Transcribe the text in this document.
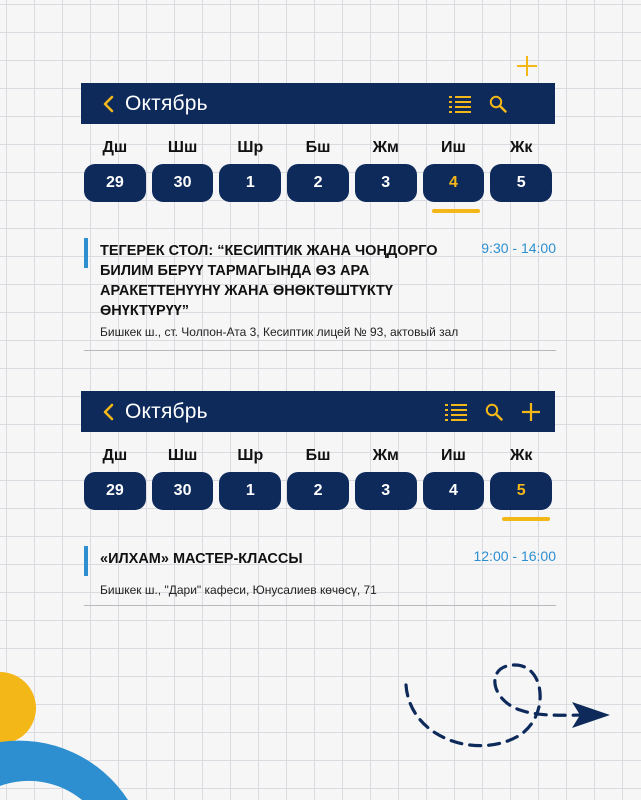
Октябрь
Дш	Шш	Шр	Бш	Жм	Иш	Жк
29	30	1	2	3	4	5
ТЕГЕРЕК СТОЛ: “КЕСИПТИК ЖАНА ЧОҢДОРГО
БИЛИМ БЕРҮҮ ТАРМАГЫНДА ӨЗ АРА
АРАКЕТТЕНҮҮНҮ ЖАНА ӨНӨКТӨШТҮКТҮ
ӨНҮКТҮРҮҮ”
9:30 - 14:00
Бишкек ш., ст. Чолпон-Ата 3, Кесиптик лицей № 93, актовый зал
Октябрь
Дш	Шш	Шр	Бш	Жм	Иш	Жк
29	30	1	2	3	4	5
«ИЛХАМ» МАСТЕР-КЛАССЫ	12:00 - 16:00
Бишкек ш., "Дари" кафеси, Юнусалиев көчөсү, 71
